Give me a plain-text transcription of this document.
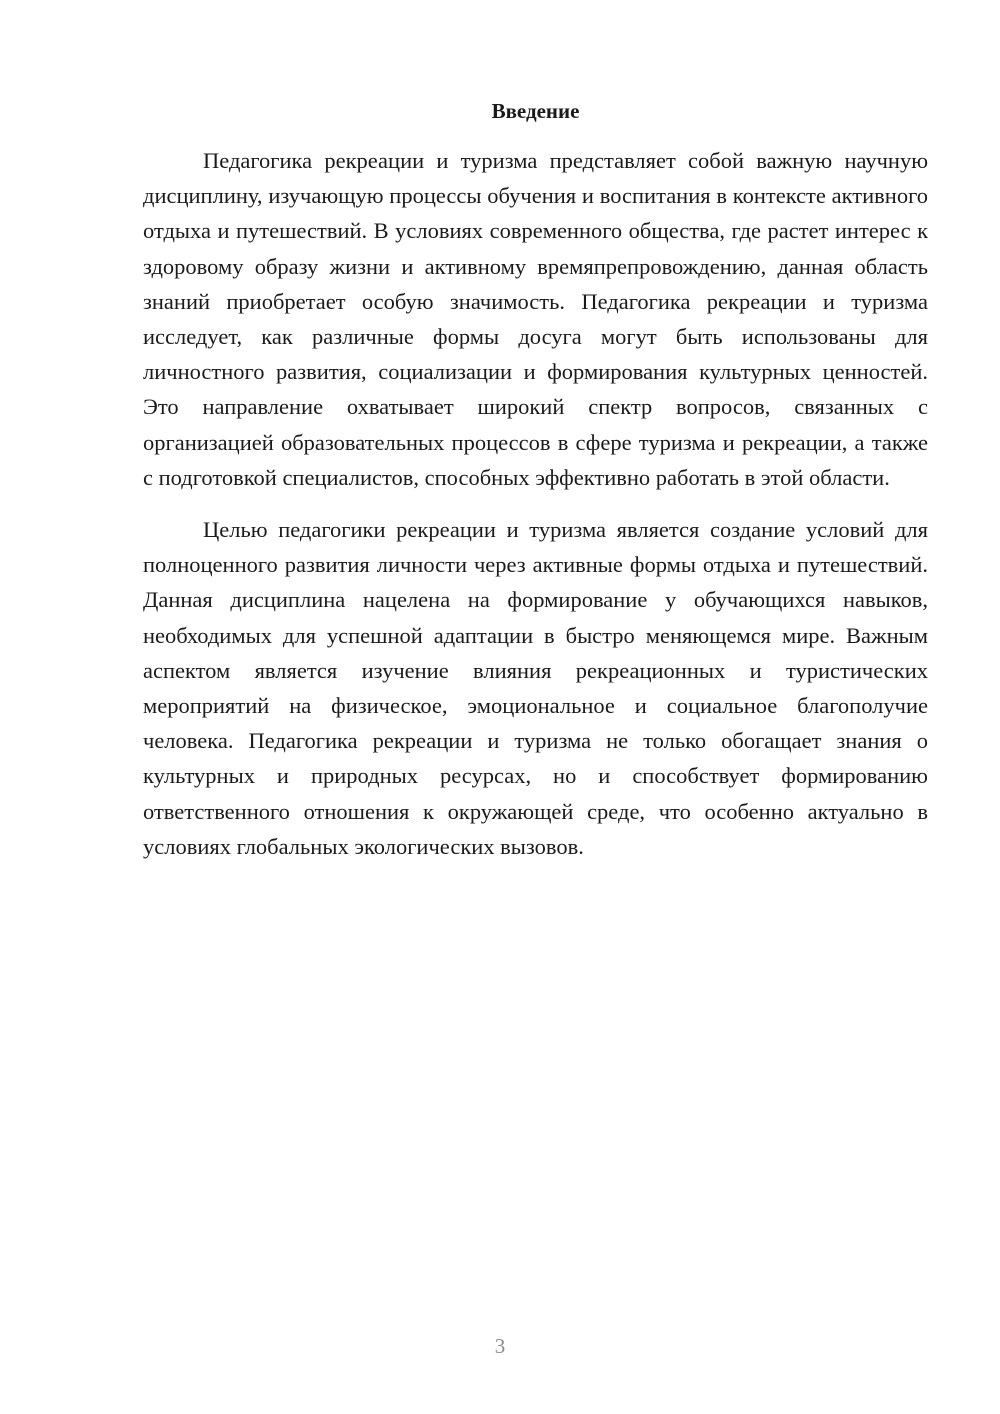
Введение

Педагогика рекреации и туризма представляет собой важную научную дисциплину, изучающую процессы обучения и воспитания в контексте активного отдыха и путешествий. В условиях современного общества, где растет интерес к здоровому образу жизни и активному времяпрепровождению, данная область знаний приобретает особую значимость. Педагогика рекреации и туризма исследует, как различные формы досуга могут быть использованы для личностного развития, социализации и формирования культурных ценностей. Это направление охватывает широкий спектр вопросов, связанных с организацией образовательных процессов в сфере туризма и рекреации, а также с подготовкой специалистов, способных эффективно работать в этой области.

Целью педагогики рекреации и туризма является создание условий для полноценного развития личности через активные формы отдыха и путешествий. Данная дисциплина нацелена на формирование у обучающихся навыков, необходимых для успешной адаптации в быстро меняющемся мире. Важным аспектом является изучение влияния рекреационных и туристических мероприятий на физическое, эмоциональное и социальное благополучие человека. Педагогика рекреации и туризма не только обогащает знания о культурных и природных ресурсах, но и способствует формированию ответственного отношения к окружающей среде, что особенно актуально в условиях глобальных экологических вызовов.

3
